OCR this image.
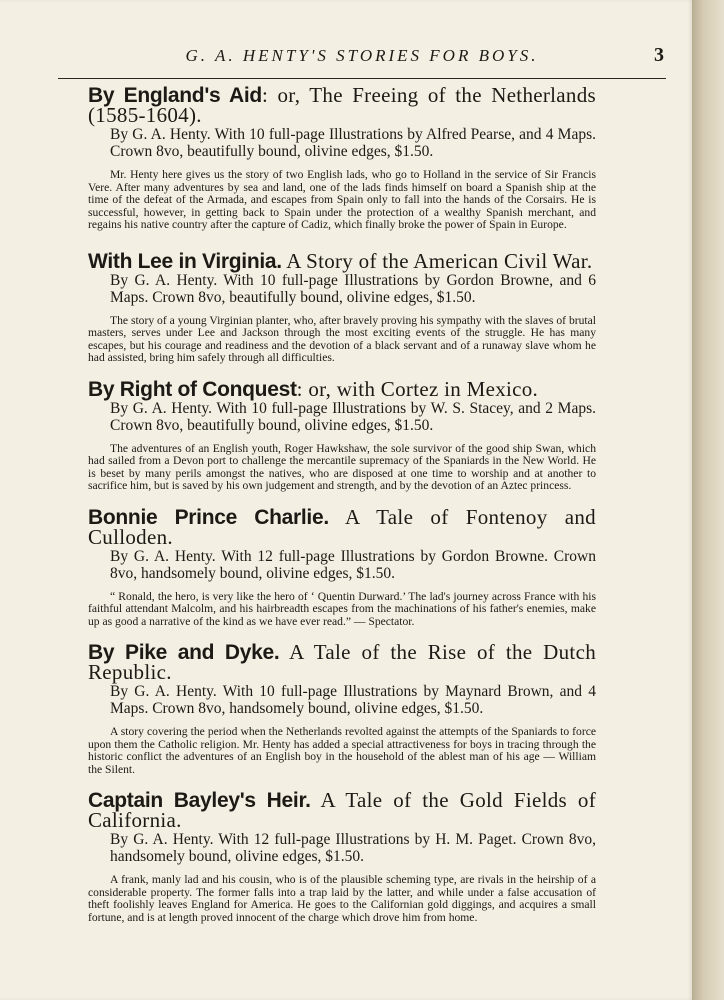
G. A. HENTY'S STORIES FOR BOYS.	3

By England's Aid: or, The Freeing of the Netherlands (1585-1604).

By G. A. Henty. With 10 full-page Illustrations by Alfred Pearse, and 4 Maps. Crown 8vo, beautifully bound, olivine edges, $1.50.

Mr. Henty here gives us the story of two English lads, who go to Holland in the service of Sir Francis Vere. After many adventures by sea and land, one of the lads finds himself on board a Spanish ship at the time of the defeat of the Armada, and escapes from Spain only to fall into the hands of the Corsairs. He is successful, however, in getting back to Spain under the protection of a wealthy Spanish merchant, and regains his native country after the capture of Cadiz, which finally broke the power of Spain in Europe.

With Lee in Virginia. A Story of the American Civil War.

By G. A. Henty. With 10 full-page Illustrations by Gordon Browne, and 6 Maps. Crown 8vo, beautifully bound, olivine edges, $1.50.

The story of a young Virginian planter, who, after bravely proving his sympathy with the slaves of brutal masters, serves under Lee and Jackson through the most exciting events of the struggle. He has many escapes, but his courage and readiness and the devotion of a black servant and of a runaway slave whom he had assisted, bring him safely through all difficulties.

By Right of Conquest: or, with Cortez in Mexico.

By G. A. Henty. With 10 full-page Illustrations by W. S. Stacey, and 2 Maps. Crown 8vo, beautifully bound, olivine edges, $1.50.

The adventures of an English youth, Roger Hawkshaw, the sole survivor of the good ship Swan, which had sailed from a Devon port to challenge the mercantile supremacy of the Spaniards in the New World. He is beset by many perils amongst the natives, who are disposed at one time to worship and at another to sacrifice him, but is saved by his own judgement and strength, and by the devotion of an Aztec princess.

Bonnie Prince Charlie. A Tale of Fontenoy and Culloden.

By G. A. Henty. With 12 full-page Illustrations by Gordon Browne. Crown 8vo, handsomely bound, olivine edges, $1.50.

“ Ronald, the hero, is very like the hero of ‘ Quentin Durward.’ The lad's journey across France with his faithful attendant Malcolm, and his hairbreadth escapes from the machinations of his father's enemies, make up as good a narrative of the kind as we have ever read.” — Spectator.

By Pike and Dyke. A Tale of the Rise of the Dutch Republic.

By G. A. Henty. With 10 full-page Illustrations by Maynard Brown, and 4 Maps. Crown 8vo, handsomely bound, olivine edges, $1.50.

A story covering the period when the Netherlands revolted against the attempts of the Spaniards to force upon them the Catholic religion. Mr. Henty has added a special attractiveness for boys in tracing through the historic conflict the adventures of an English boy in the household of the ablest man of his age — William the Silent.

Captain Bayley's Heir. A Tale of the Gold Fields of California.

By G. A. Henty. With 12 full-page Illustrations by H. M. Paget. Crown 8vo, handsomely bound, olivine edges, $1.50.

A frank, manly lad and his cousin, who is of the plausible scheming type, are rivals in the heirship of a considerable property. The former falls into a trap laid by the latter, and while under a false accusation of theft foolishly leaves England for America. He goes to the Californian gold diggings, and acquires a small fortune, and is at length proved innocent of the charge which drove him from home.
